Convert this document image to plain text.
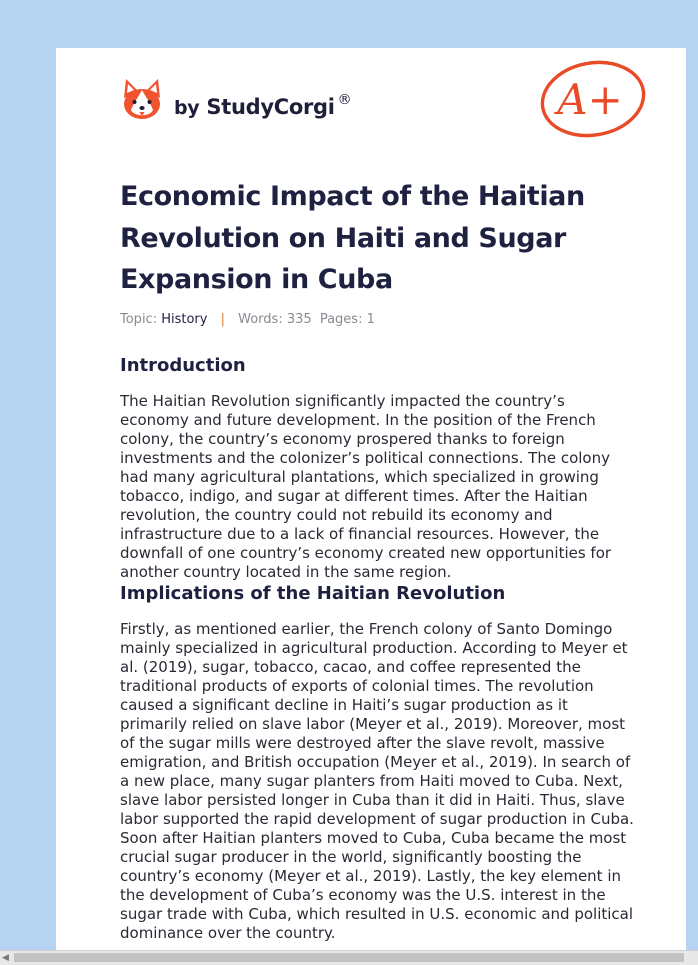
by StudyCorgi ®	A+
Economic Impact of the Haitian Revolution on Haiti and Sugar Expansion in Cuba
Topic: History | Words: 335 Pages: 1
Introduction

The Haitian Revolution significantly impacted the country’s economy and future development. In the position of the French colony, the country’s economy prospered thanks to foreign investments and the colonizer’s political connections. The colony had many agricultural plantations, which specialized in growing tobacco, indigo, and sugar at different times. After the Haitian revolution, the country could not rebuild its economy and infrastructure due to a lack of financial resources. However, the downfall of one country’s economy created new opportunities for another country located in the same region.

Implications of the Haitian Revolution

Firstly, as mentioned earlier, the French colony of Santo Domingo mainly specialized in agricultural production. According to Meyer et al. (2019), sugar, tobacco, cacao, and coffee represented the traditional products of exports of colonial times. The revolution caused a significant decline in Haiti’s sugar production as it primarily relied on slave labor (Meyer et al., 2019). Moreover, most of the sugar mills were destroyed after the slave revolt, massive emigration, and British occupation (Meyer et al., 2019). In search of a new place, many sugar planters from Haiti moved to Cuba. Next, slave labor persisted longer in Cuba than it did in Haiti. Thus, slave labor supported the rapid development of sugar production in Cuba. Soon after Haitian planters moved to Cuba, Cuba became the most crucial sugar producer in the world, significantly boosting the country’s economy (Meyer et al., 2019). Lastly, the key element in the development of Cuba’s economy was the U.S. interest in the sugar trade with Cuba, which resulted in U.S. economic and political dominance over the country.

◀
